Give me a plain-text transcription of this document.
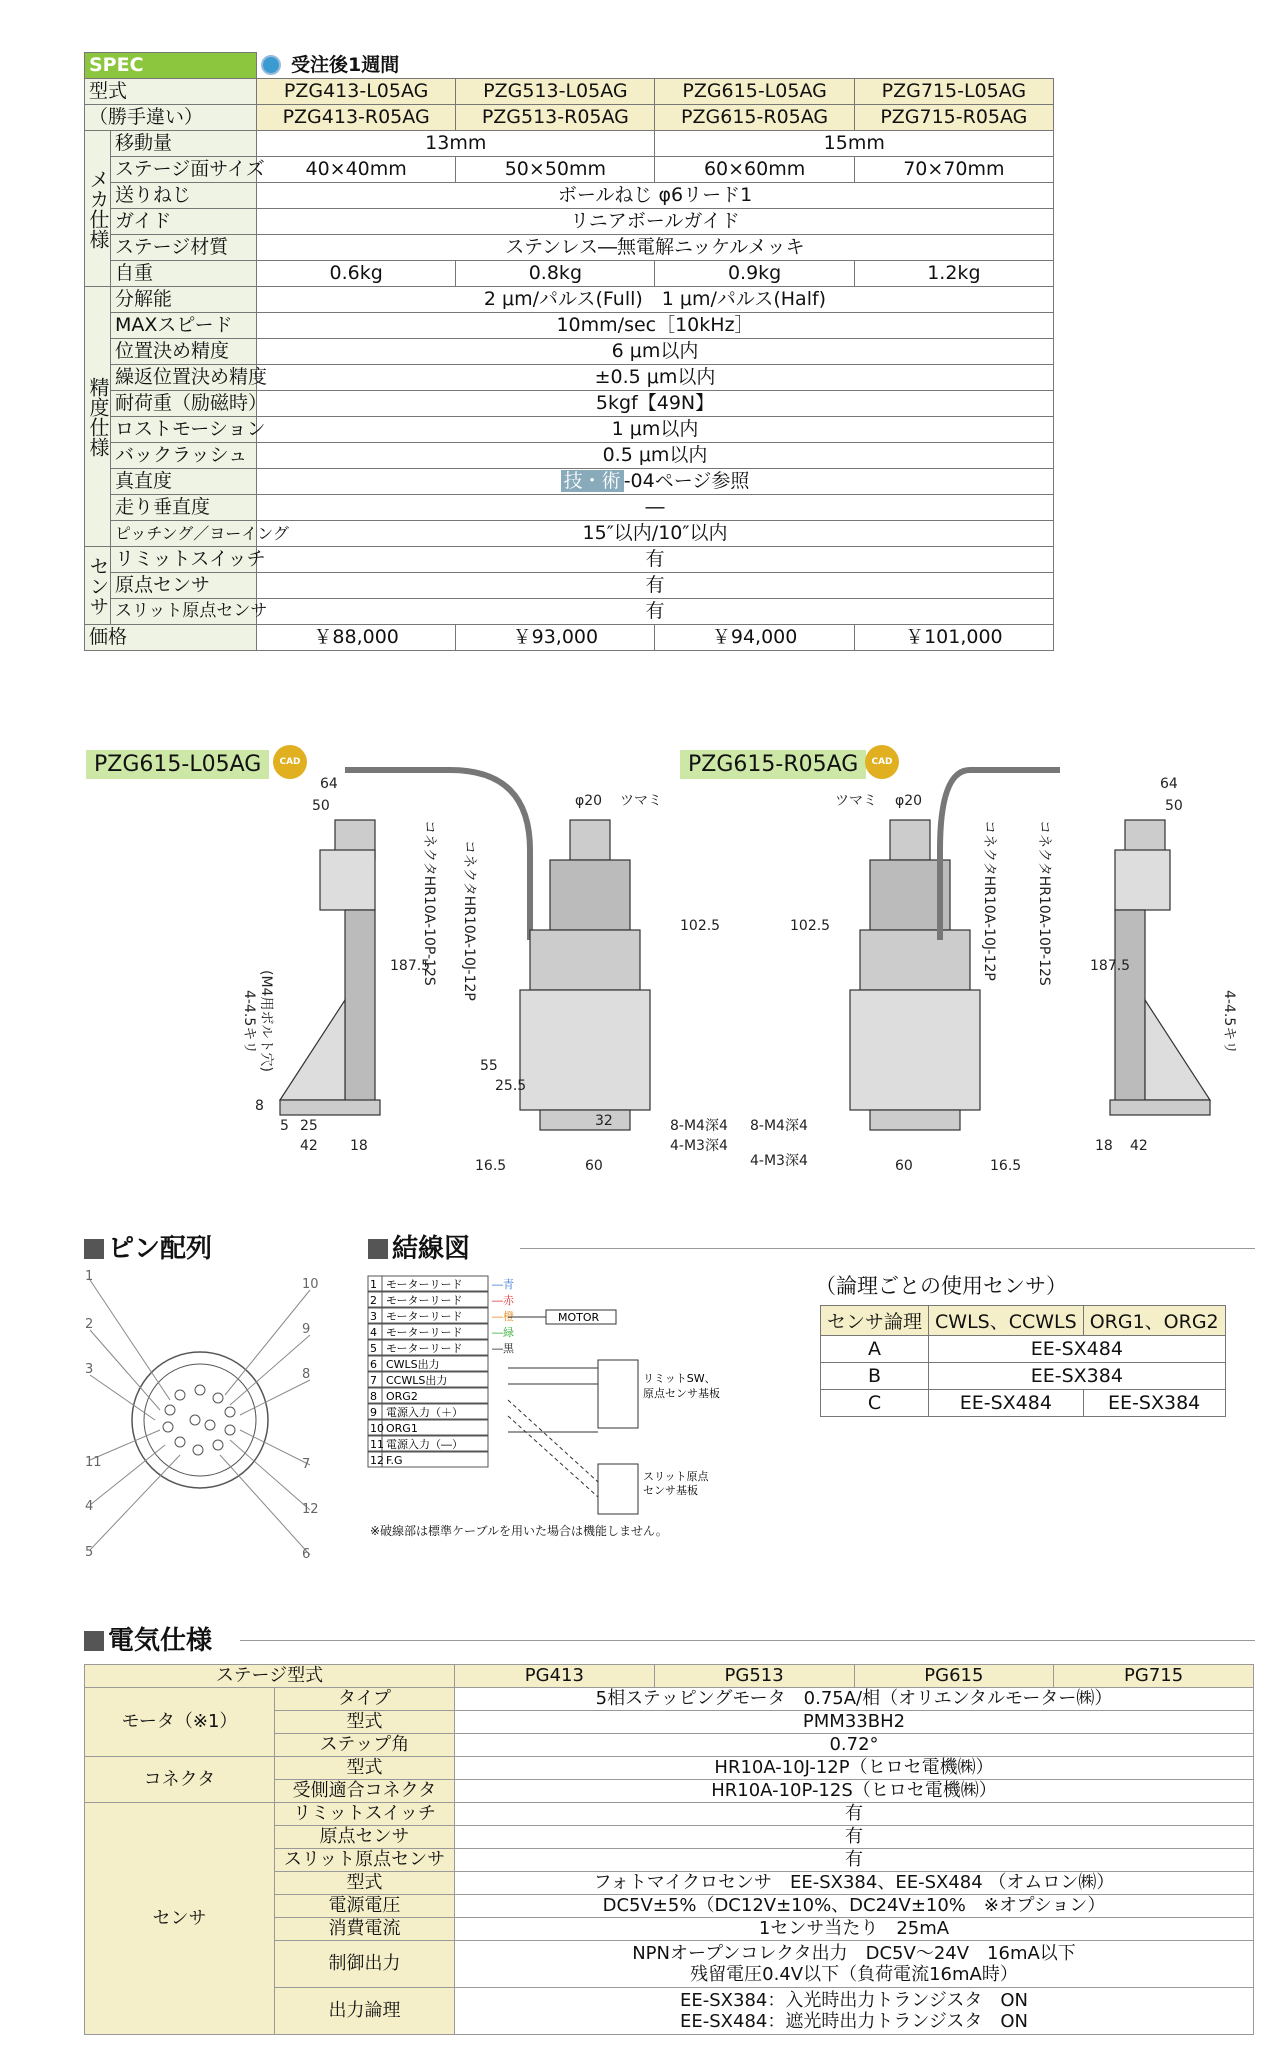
SPEC		受注後1週間			
型式		PZG413-L05AG	PZG513-L05AG	PZG615-L05AG	PZG715-L05AG
（勝手違い）		PZG413-R05AG	PZG513-R05AG	PZG615-R05AG	PZG715-R05AG
メカ仕様	移動量	13mm		15mm	
	ステージ面サイズ	40×40mm	50×50mm	60×60mm	70×70mm
	送りねじ	ボールねじ φ6リード1			
	ガイド	リニアボールガイド			
	ステージ材質	ステンレス―無電解ニッケルメッキ			
	自重	0.6kg	0.8kg	0.9kg	1.2kg
精度仕様	分解能	2 μm/パルス(Full)　1 μm/パルス(Half)			
	MAXスピード	10mm/sec［10kHz］			
	位置決め精度	6 μm以内			
	繰返位置決め精度	±0.5 μm以内			
	耐荷重（励磁時）	5kgf【49N】			
	ロストモーション	1 μm以内			
	バックラッシュ	0.5 μm以内			
	真直度	技・術 -04ページ参照			
	走り垂直度	―			
	ピッチング／ヨーイング	15″以内/10″以内			
センサ	リミットスイッチ	有			
	原点センサ	有			
	スリット原点センサ	有			
価格		￥88,000	￥93,000	￥94,000	￥101,000
PZG615-L05AG	CAD DATA
PZG615-R05AG	CAD DATA
64
50
187.5
102.5
φ20 ツマミ
55
25.5
25
42 18
8
5	32
60
16.5
8-M4深4
4-M3深4
4-4.5キリ (M4用ボルト穴)
コネクタHR10A-10P-12S コネクタHR10A-10J-12P
64
50
102.5
187.5
φ20
ツマミ
60	16.5
8-M4深4
4-M3深4
42
18
コネクタHR10A-10J-12P	コネクタHR10A-10P-12S
4-4.5キリ
ピン配列	結線図
1
2
3
11
4
5
10
9
8
7
12
6
1 モーターリード	―青
2 モーターリード	―赤
3 モーターリード	―橙
4 モーターリード	―緑
5 モーターリード	―黒
6 CWLS出力
7 CCWLS出力
8 ORG2
9 電源入力（＋）
10 ORG1
11 電源入力（―）
12 F.G
MOTOR
リミットSW、
原点センサ基板
スリット原点
センサ基板
※破線部は標準ケーブルを用いた場合は機能しません。
（論理ごとの使用センサ）
センサ論理	CWLS、CCWLS	ORG1、ORG2
A	EE-SX484	
B	EE-SX384	
C	EE-SX484	EE-SX384
電気仕様
ステージ型式		PG413	PG513	PG615	PG715
モータ（※1）	タイプ	5相ステッピングモータ　0.75A/相（オリエンタルモーター㈱）			
	型式	PMM33BH2			
	ステップ角	0.72°			
コネクタ	型式	HR10A-10J-12P（ヒロセ電機㈱）			
	受側適合コネクタ	HR10A-10P-12S（ヒロセ電機㈱）			
センサ	リミットスイッチ	有			
	原点センサ	有			
	スリット原点センサ	有			
	型式	フォトマイクロセンサ　EE-SX384、EE-SX484 （オムロン㈱）			
	電源電圧	DC5V±5%（DC12V±10%、DC24V±10%　※オプション）			
	消費電流	1センサ当たり　25mA			
	制御出力	NPNオープンコレクタ出力　DC5V～24V　16mA以下
残留電圧0.4V以下（負荷電流16mA時）			
	出力論理	EE-SX384：入光時出力トランジスタ　ON
EE-SX484：遮光時出力トランジスタ　ON			
